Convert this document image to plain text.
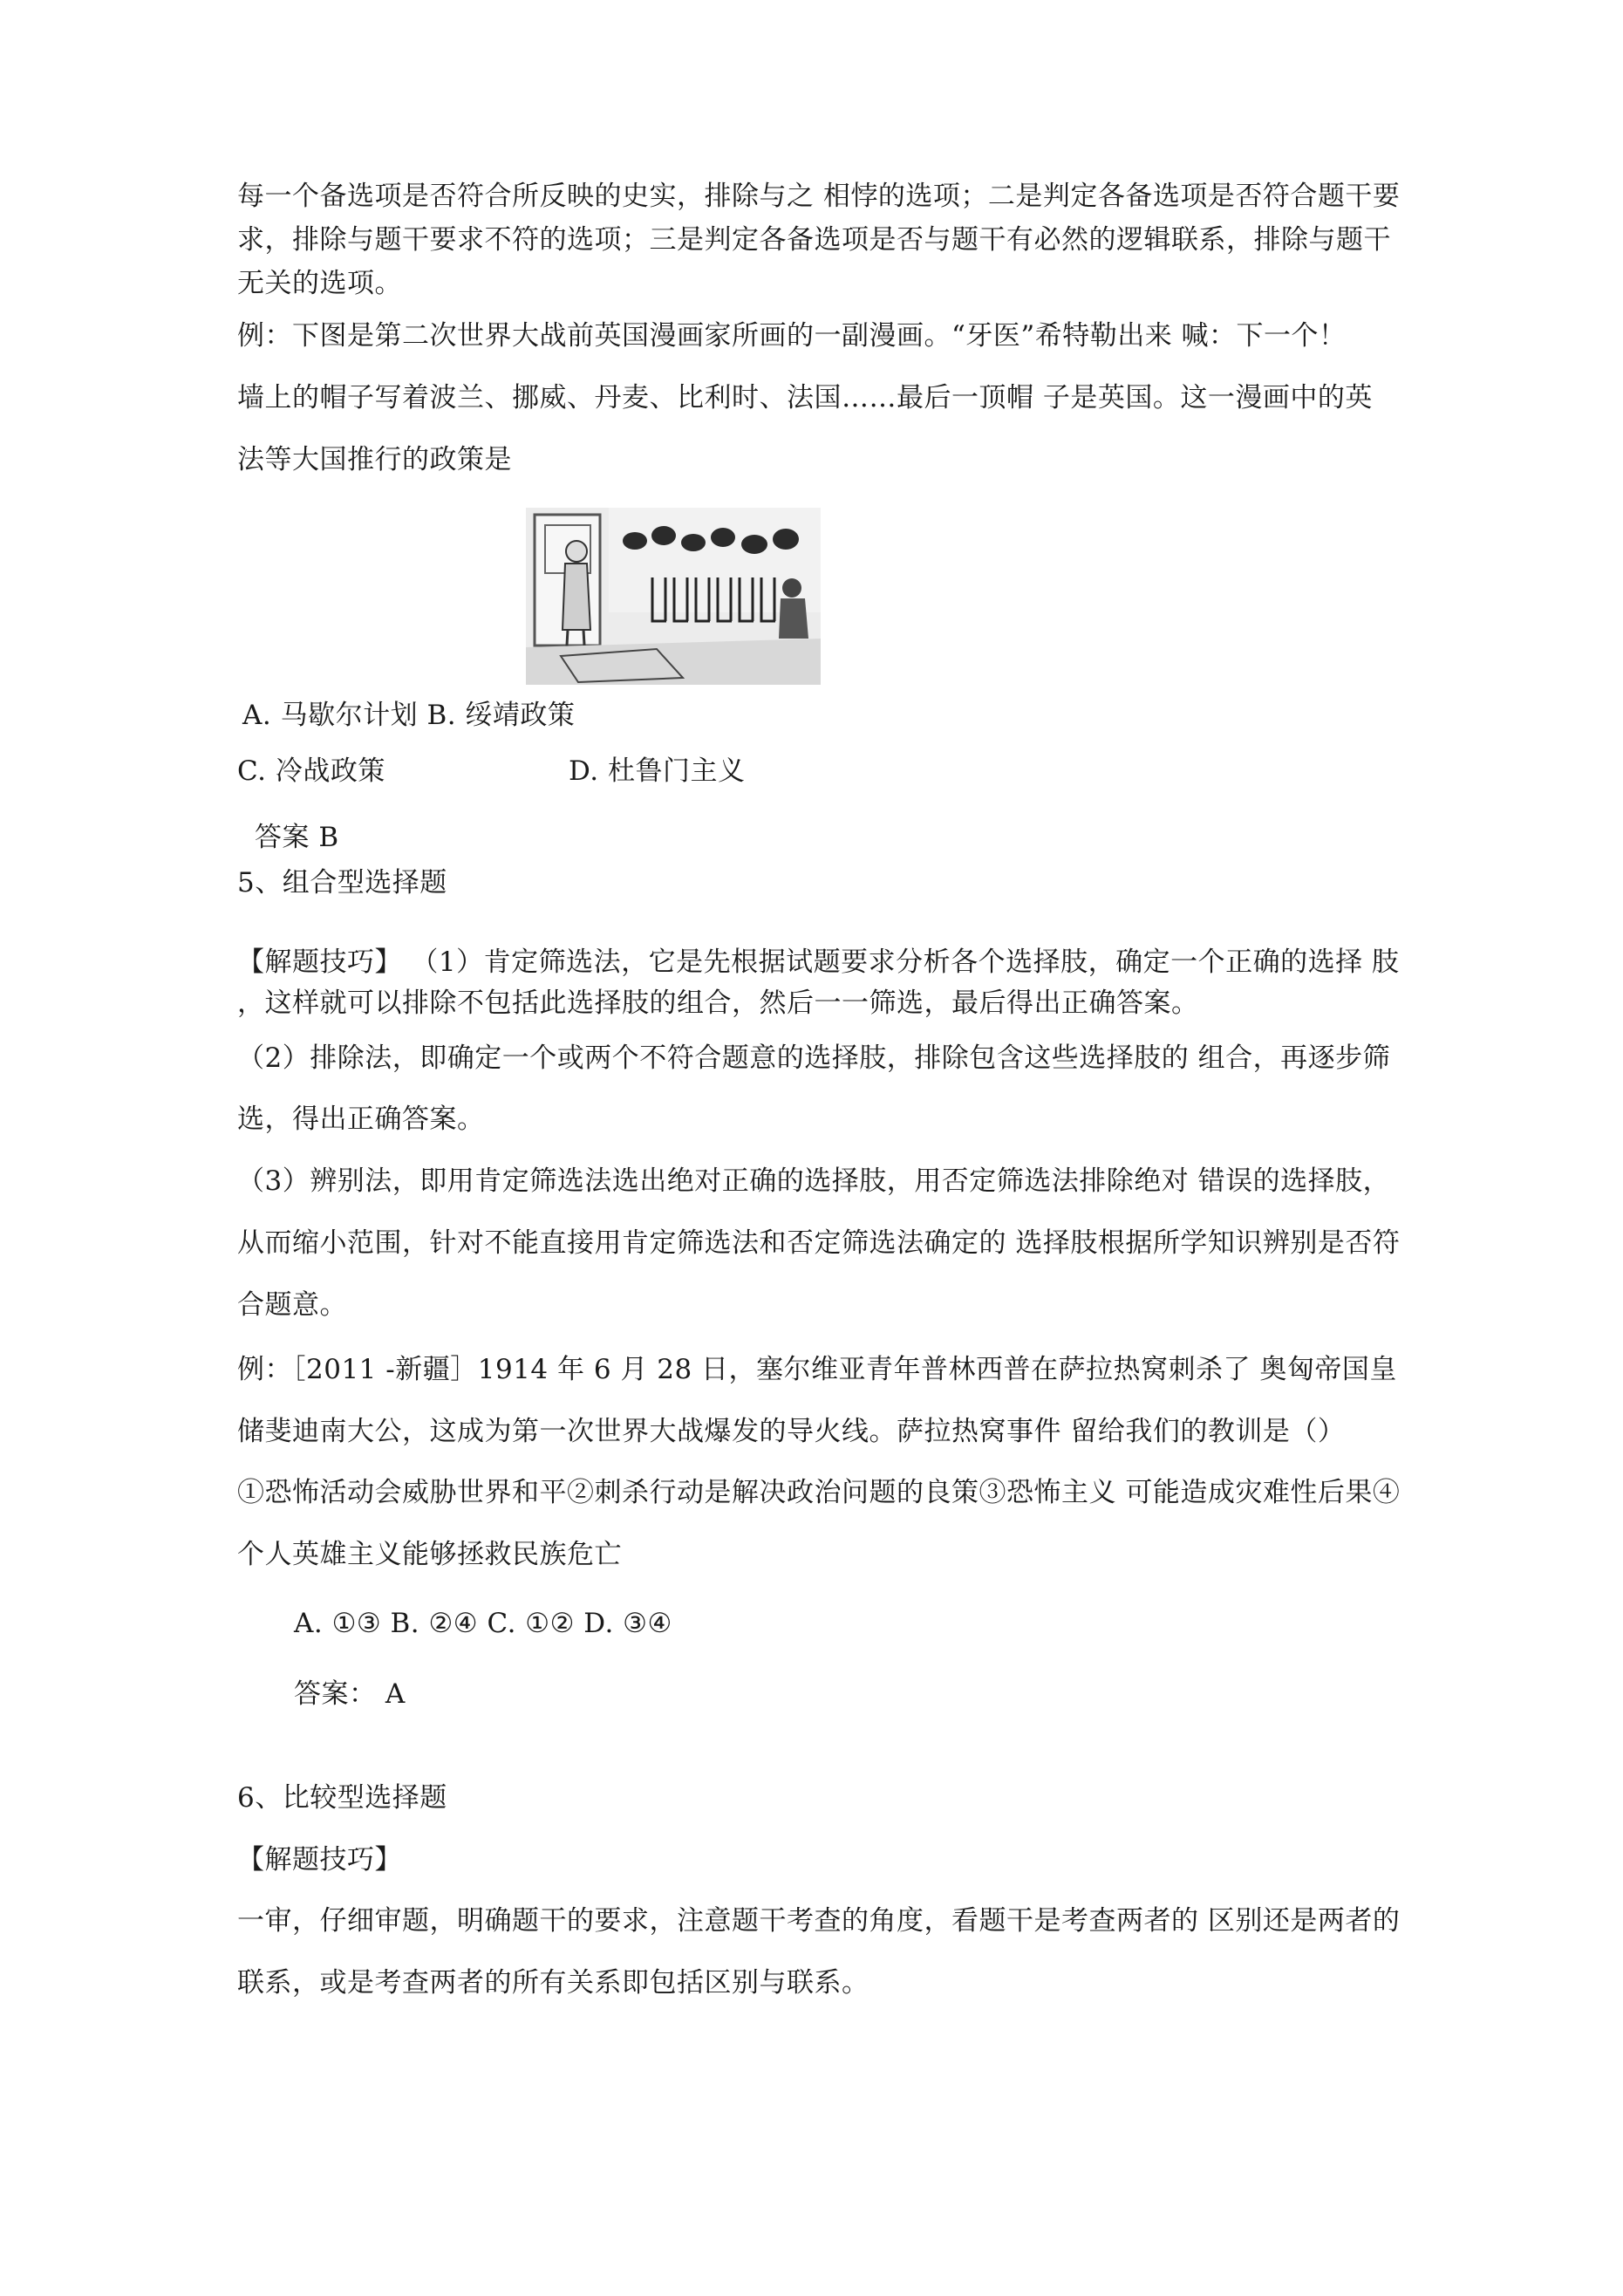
每一个备选项是否符合所反映的史实，排除与之 相悖的选项；二是判定各备选项是否符合题干要
求，排除与题干要求不符的选项；三是判定各备选项是否与题干有必然的逻辑联系，排除与题干
无关的选项。
例：下图是第二次世界大战前英国漫画家所画的一副漫画。“牙医”希特勒出来 喊：下一个！
墙上的帽子写着波兰、挪威、丹麦、比利时、法国……最后一顶帽 子是英国。这一漫画中的英
法等大国推行的政策是
A. 马歇尔计划 B. 绥靖政策
C. 冷战政策	D. 杜鲁门主义
答案 B
5、组合型选择题
【解题技巧】 （1）肯定筛选法，它是先根据试题要求分析各个选择肢，确定一个正确的选择 肢
，这样就可以排除不包括此选择肢的组合，然后一一筛选，最后得出正确答案。
（2）排除法，即确定一个或两个不符合题意的选择肢，排除包含这些选择肢的 组合，再逐步筛
选，得出正确答案。
（3）辨别法，即用肯定筛选法选出绝对正确的选择肢，用否定筛选法排除绝对 错误的选择肢，
从而缩小范围，针对不能直接用肯定筛选法和否定筛选法确定的 选择肢根据所学知识辨别是否符
合题意。
例：［2011 -新疆］1914 年 6 月 28 日，塞尔维亚青年普林西普在萨拉热窝刺杀了 奥匈帝国皇
储斐迪南大公，这成为第一次世界大战爆发的导火线。萨拉热窝事件 留给我们的教训是（）
①恐怖活动会威胁世界和平②刺杀行动是解决政治问题的良策③恐怖主义 可能造成灾难性后果④
个人英雄主义能够拯救民族危亡
A. ①③ B. ②④ C. ①② D. ③④
答案： A
6、比较型选择题
【解题技巧】
一审，仔细审题，明确题干的要求，注意题干考查的角度，看题干是考查两者的 区别还是两者的
联系，或是考查两者的所有关系即包括区别与联系。
